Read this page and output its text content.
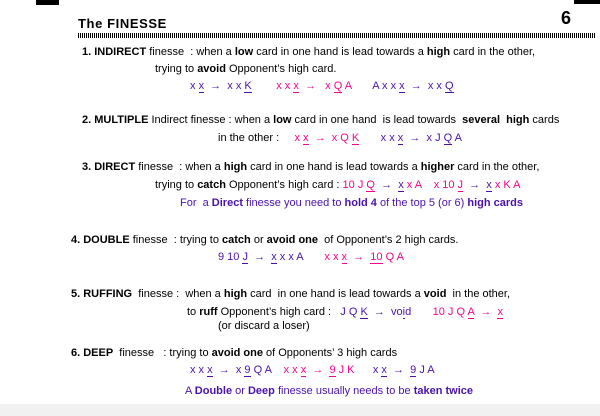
The FINESSE	6
1. INDIRECT finesse  : when a low card in one hand is lead towards a high card in the other,
trying to avoid Opponent’s high card.
x x  →  x x K x x x  →   x Q A A x x x  →  x x Q
2. MULTIPLE Indirect finesse : when a low card in one hand  is lead towards  several  high cards
in the other :     x x  →  x Q K x x x  →  x J Q A
3. DIRECT finesse  : when a high card in one hand is lead towards a higher card in the other,
trying to catch Opponent’s high card : 10 J Q  →  x x A x 10 J  →  x x K A
For  a Direct finesse you need to hold 4 of the top 5 (or 6) high cards
4. DOUBLE finesse  : trying to catch or avoid one  of Opponent’s 2 high cards.
9 10 J  →  x x x A x x x  →  10 Q A
5. RUFFING  finesse :  when a high card  in one hand is lead towards a void  in the other,
to ruff Opponent’s high card :   J Q K  →  void 10 J Q A  →  x
(or discard a loser)
6. DEEP  finesse   : trying to avoid one of Opponents’ 3 high cards
x x x  →  x 9 Q A x x x  →  9 J K x x  →  9 J A
A Double or Deep finesse usually needs to be taken twice
